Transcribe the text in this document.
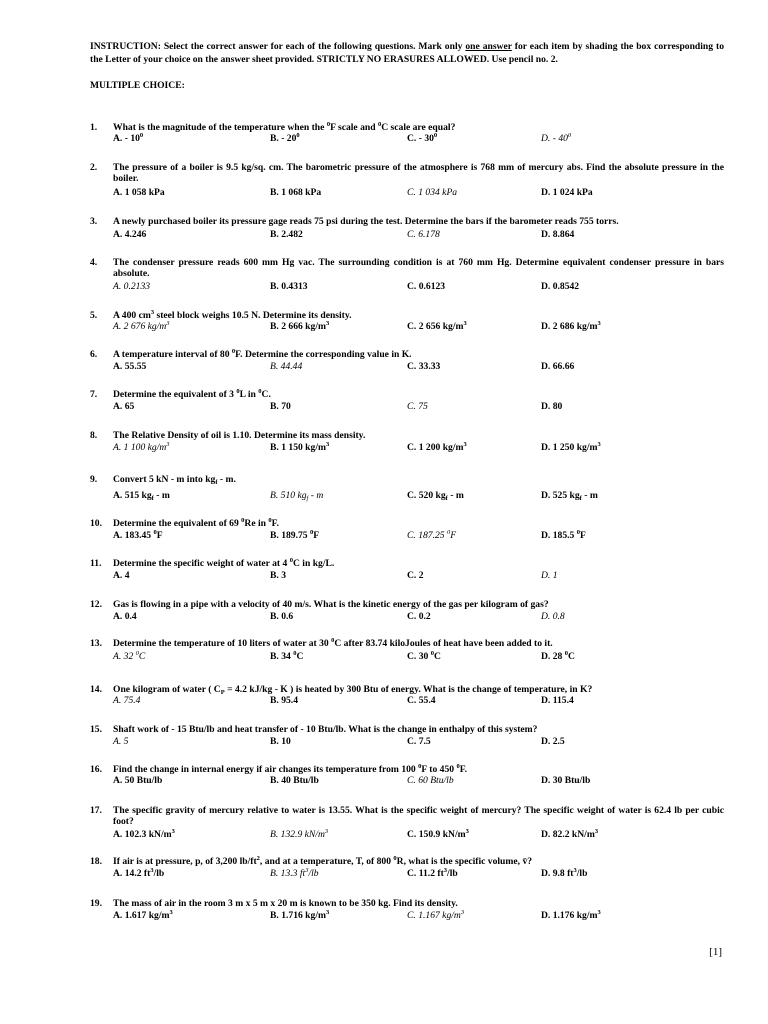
INSTRUCTION: Select the correct answer for each of the following questions. Mark only one answer for each item by shading the box corresponding to the Letter of your choice on the answer sheet provided. STRICTLY NO ERASURES ALLOWED. Use pencil no. 2.
MULTIPLE CHOICE:
1. What is the magnitude of the temperature when the $^0$F scale and $^0$C scale are equal?
A. - $10^0$	B. - $20^0$	C. - $30^0$	D. - $40^0$
2. The pressure of a boiler is 9.5 kg/sq. cm. The barometric pressure of the atmosphere is 768 mm of mercury abs. Find the absolute pressure in the boiler.
A. 1 058 kPa	B. 1 068 kPa	C. 1 034 kPa	D. 1 024 kPa
3. A newly purchased boiler its pressure gage reads 75 psi during the test. Determine the bars if the barometer reads 755 torrs.
A. 4.246	B. 2.482	C. 6.178	D. 8.864
4. The condenser pressure reads 600 mm Hg vac. The surrounding condition is at 760 mm Hg. Determine equivalent condenser pressure in bars absolute.
A. 0.2133	B. 0.4313	C. 0.6123	D. 0.8542
5. A 400 $cm^3$ steel block weighs 10.5 N. Determine its density.
A. 2 676 $kg/m^3$	B. 2 666 $kg/m^3$	C. 2 656 $kg/m^3$	D. 2 686 $kg/m^3$
6. A temperature interval of 80 $^0$F. Determine the corresponding value in K.
A. 55.55	B. 44.44	C. 33.33	D. 66.66
7. Determine the equivalent of 3 $^0$L in $^0$C.
A. 65	B. 70	C. 75	D. 80
8. The Relative Density of oil is 1.10. Determine its mass density.
A. 1 100 $kg/m^3$	B. 1 150 $kg/m^3$	C. 1 200 $kg/m^3$	D. 1 250 $kg/m^3$
9. Convert 5 kN - m into $kg_f$ - m.
A. 515 $kg_f$ - m	B. 510 $kg_f$ - m	C. 520 $kg_f$ - m	D. 525 $kg_f$ - m
10. Determine the equivalent of 69 $^0$Re in $^0$F.
A. 183.45 $^0$F	B. 189.75 $^0$F	C. 187.25 $^0$F	D. 185.5 $^0$F
11. Determine the specific weight of water at 4 $^0$C in kg/L.
A. 4	B. 3	C. 2	D. 1
12. Gas is flowing in a pipe with a velocity of 40 m/s. What is the kinetic energy of the gas per kilogram of gas?
A. 0.4	B. 0.6	C. 0.2	D. 0.8
13. Determine the temperature of 10 liters of water at 30 $^0$C after 83.74 kiloJoules of heat have been added to it.
A. 32 $^0$C	B. 34 $^0$C	C. 30 $^0$C	D. 28 $^0$C
14. One kilogram of water ( $C_P = 4.2$ kJ/kg - K ) is heated by 300 Btu of energy. What is the change of temperature, in K?
A. 75.4	B. 95.4	C. 55.4	D. 115.4
15. Shaft work of - 15 Btu/lb and heat transfer of - 10 Btu/lb. What is the change in enthalpy of this system?
A. 5	B. 10	C. 7.5	D. 2.5
16. Find the change in internal energy if air changes its temperature from 100 $^0$F to 450 $^0$F.
A. 50 Btu/lb	B. 40 Btu/lb	C. 60 Btu/lb	D. 30 Btu/lb
17. The specific gravity of mercury relative to water is 13.55. What is the specific weight of mercury? The specific weight of water is 62.4 lb per cubic foot?
A. 102.3 $kN/m^3$	B. 132.9 $kN/m^3$	C. 150.9 $kN/m^3$	D. 82.2 $kN/m^3$
18. If air is at pressure, p, of 3,200 $lb/ft^2$, and at a temperature, T, of 800 $^0$R, what is the specific volume, v̄?
A. 14.2 $ft^3/lb$	B. 13.3 $ft^3/lb$	C. 11.2 $ft^3/lb$	D. 9.8 $ft^3/lb$
19. The mass of air in the room 3 m x 5 m x 20 m is known to be 350 kg. Find its density.
A. 1.617 $kg/m^3$	B. 1.716 $kg/m^3$	C. 1.167 $kg/m^3$	D. 1.176 $kg/m^3$
[1]
